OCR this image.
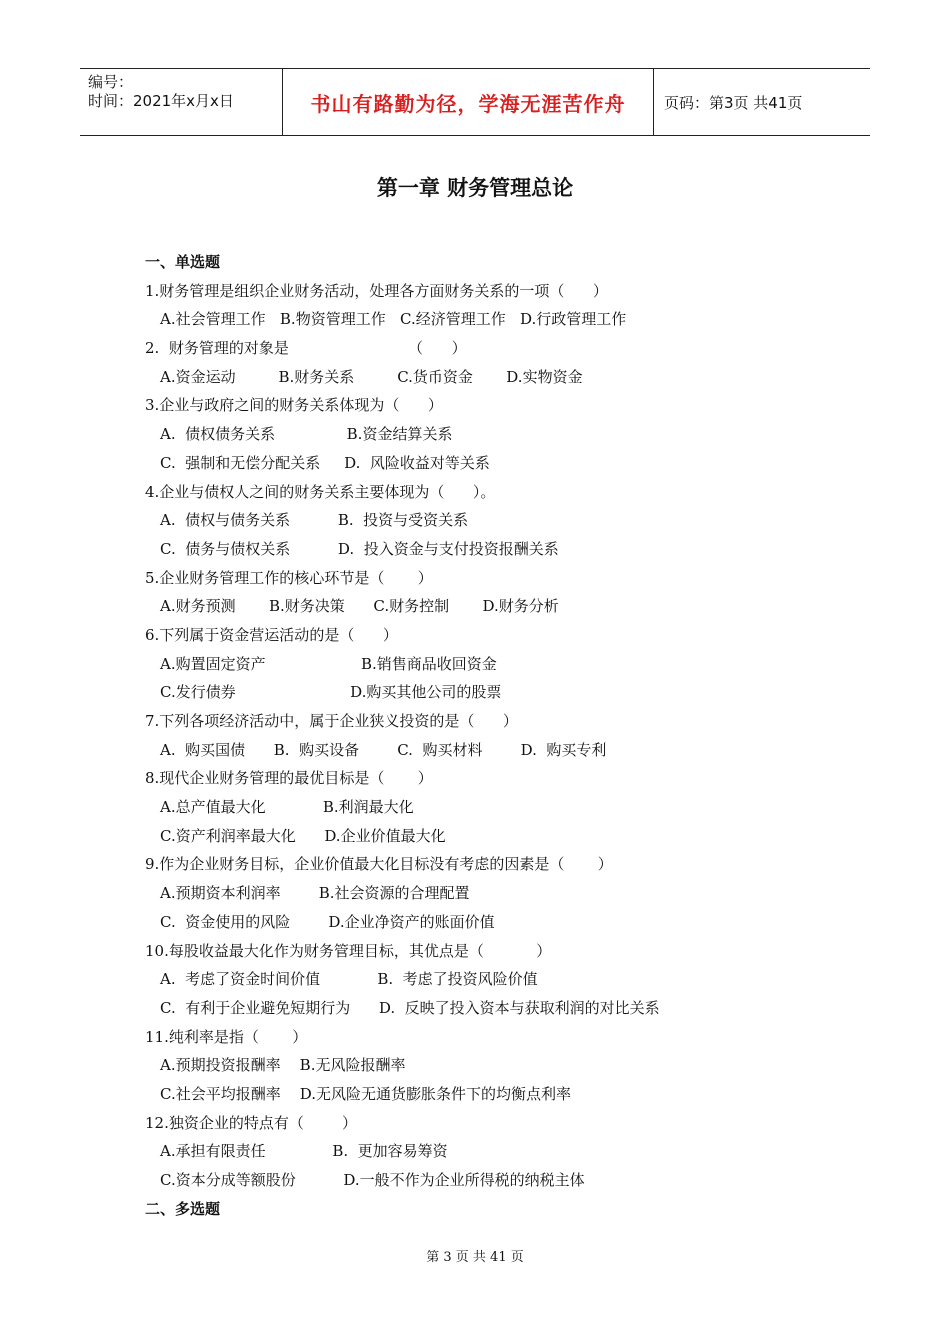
编号：
时间：2021年x月x日	书山有路勤为径，学海无涯苦作舟	页码：第3页 共41页
第一章 财务管理总论
一、单选题
1.财务管理是组织企业财务活动，处理各方面财务关系的一项（      ）
A.社会管理工作   B.物资管理工作   C.经济管理工作   D.行政管理工作
2.  财务管理的对象是                         （      ）
A.资金运动         B.财务关系         C.货币资金       D.实物资金
3.企业与政府之间的财务关系体现为（      ）
A.  债权债务关系               B.资金结算关系
C.  强制和无偿分配关系     D.  风险收益对等关系
4.企业与债权人之间的财务关系主要体现为（      ）。
A.  债权与债务关系          B.  投资与受资关系
C.  债务与债权关系          D.  投入资金与支付投资报酬关系
5.企业财务管理工作的核心环节是（       ）
A.财务预测       B.财务决策      C.财务控制       D.财务分析
6.下列属于资金营运活动的是（      ）
A.购置固定资产                    B.销售商品收回资金
C.发行债券                        D.购买其他公司的股票
7.下列各项经济活动中，属于企业狭义投资的是（      ）
A.  购买国债      B.  购买设备        C.  购买材料        D.  购买专利
8.现代企业财务管理的最优目标是（       ）
A.总产值最大化            B.利润最大化
C.资产利润率最大化      D.企业价值最大化
9.作为企业财务目标，企业价值最大化目标没有考虑的因素是（       ）
A.预期资本利润率        B.社会资源的合理配置
C.  资金使用的风险        D.企业净资产的账面价值
10.每股收益最大化作为财务管理目标，其优点是（           ）
A.  考虑了资金时间价值            B.  考虑了投资风险价值
C.  有利于企业避免短期行为      D.  反映了投入资本与获取利润的对比关系
11.纯利率是指（       ）
A.预期投资报酬率    B.无风险报酬率
C.社会平均报酬率    D.无风险无通货膨胀条件下的均衡点利率
12.独资企业的特点有（        ）
A.承担有限责任              B.  更加容易筹资
C.资本分成等额股份          D.一般不作为企业所得税的纳税主体
二、多选题
第 3 页 共 41 页
